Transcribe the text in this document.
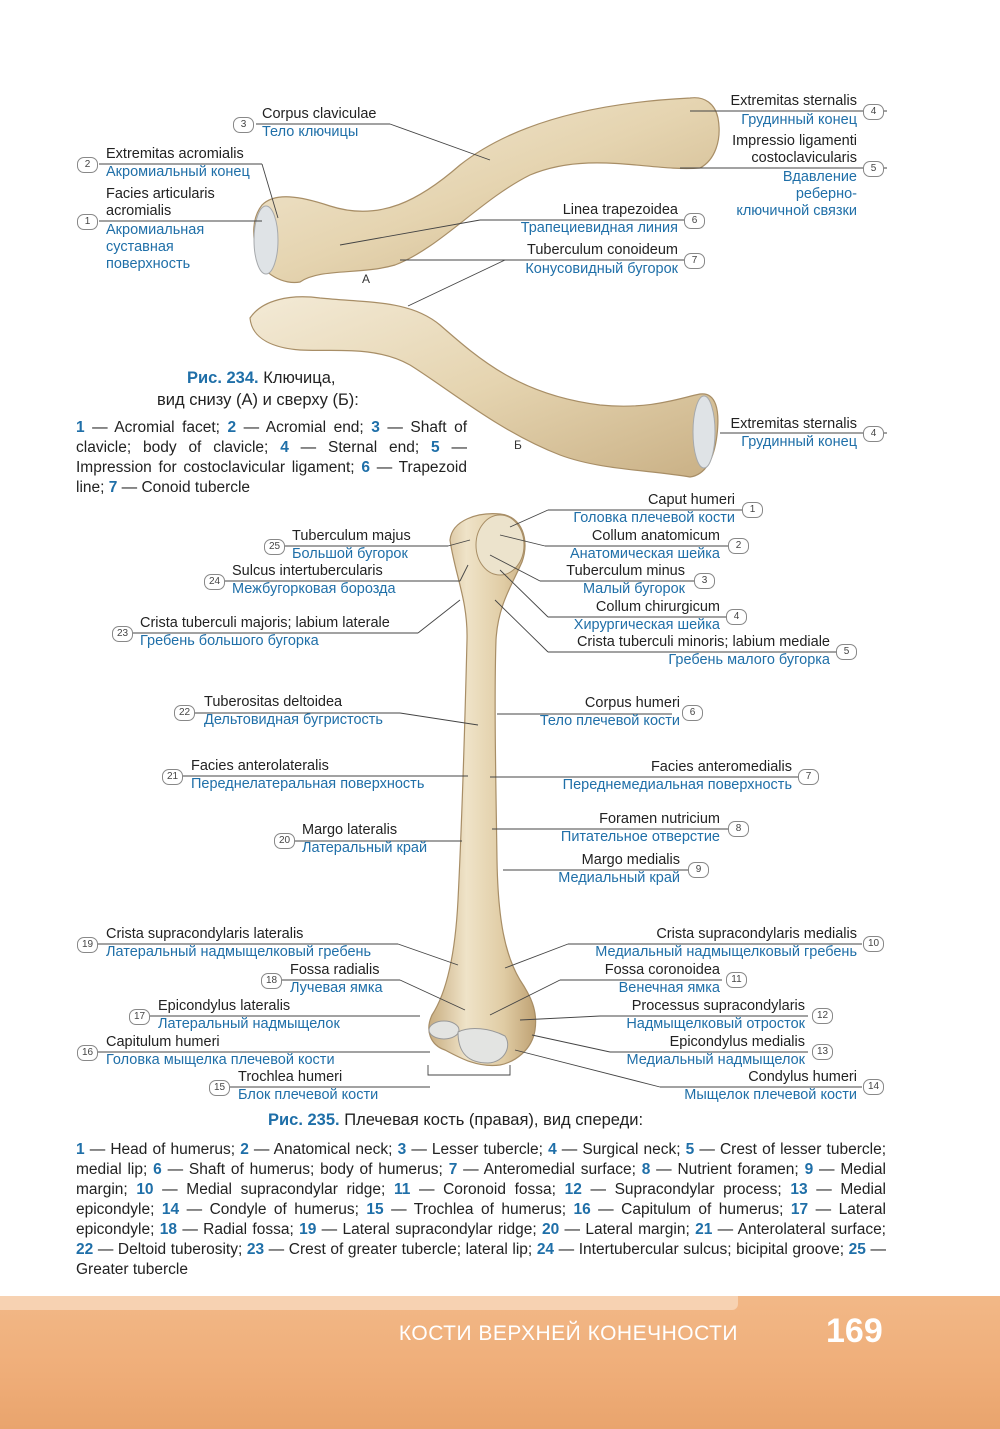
3
Corpus claviculae
Тело ключицы
2
Extremitas acromialis
Акромиальный конец
1
Facies articularis
acromialis
Акромиальная
суставная
поверхность
Extremitas sternalis
Грудинный конец
4
Impressio ligamenti
costoclavicularis
Вдавление
реберно-
ключичной связки
5
Linea trapezoidea
Трапециевидная линия	6
Tuberculum conoideum
Конусовидный бугорок
7
А
Б
Extremitas sternalis
Грудинный конец
4
Рис. 234. Ключица,
вид снизу (А) и сверху (Б):
1 — Acromial facet; 2 — Acromial end; 3 — Shaft of clavicle; body of clavicle; 4 — Sternal end; 5 — Impression for costoclavicular ligament; 6 — Trapezoid line; 7 — Conoid tubercle
Caput humeri
Головка плечевой кости
1
Collum anatomicum
Анатомическая шейка
2
Tuberculum minus
Малый бугорок
3
Collum chirurgicum
Хирургическая шейка
4
Crista tuberculi minoris; labium mediale
Гребень малого бугорка
5
Corpus humeri
Тело плечевой кости
6
Facies anteromedialis
Переднемедиальная поверхность
7
Foramen nutricium
Питательное отверстие
8
Margo medialis
Медиальный край
9
Crista supracondylaris medialis
Медиальный надмыщелковый гребень
10
Fossa coronoidea
Венечная ямка
11
Processus supracondylaris
Надмыщелковый отросток
12
Epicondylus medialis
Медиальный надмыщелок
13
Condylus humeri
Мыщелок плечевой кости
14
Tuberculum majus
Большой бугорок
25
Sulcus intertubercularis
Межбугорковая борозда
24
Crista tuberculi majoris; labium laterale
Гребень большого бугорка
23
Tuberositas deltoidea
Дельтовидная бугристость
22
Facies anterolateralis
Переднелатеральная поверхность
21
Margo lateralis
Латеральный край
20
Crista supracondylaris lateralis
Латеральный надмыщелковый гребень
19
Fossa radialis
Лучевая ямка
18
Epicondylus lateralis
Латеральный надмыщелок
17
Capitulum humeri
Головка мыщелка плечевой кости
16
Trochlea humeri
Блок плечевой кости
15
Рис. 235. Плечевая кость (правая), вид спереди:
1 — Head of humerus; 2 — Anatomical neck; 3 — Lesser tubercle; 4 — Surgical neck; 5 — Crest of lesser tubercle; medial lip; 6 — Shaft of humerus; body of humerus; 7 — Anteromedial surface; 8 — Nutrient foramen; 9 — Medial margin; 10 — Medial supracondylar ridge; 11 — Coronoid fossa; 12 — Supracondylar process; 13 — Medial epicondyle; 14 — Condyle of humerus; 15 — Trochlea of humerus; 16 — Capitulum of humerus; 17 — Lateral epicondyle; 18 — Radial fossa; 19 — Lateral supracondylar ridge; 20 — Lateral margin; 21 — Anterolateral surface; 22 — Deltoid tuberosity; 23 — Crest of greater tubercle; lateral lip; 24 — Intertubercular sulcus; bicipital groove; 25 — Greater tubercle
КОСТИ ВЕРХНЕЙ КОНЕЧНОСТИ	169
